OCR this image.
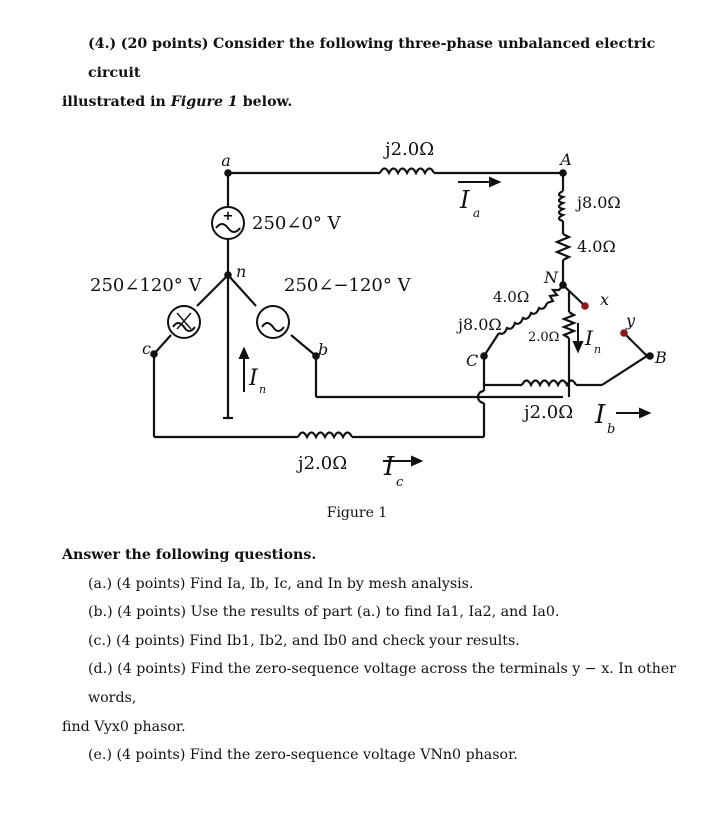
(4.) (20 points) Consider the following three-phase unbalanced electric circuit
illustrated in Figure 1 below.
+
a	A
n
c	b
C
N
B
x
y
250∠0° V
250∠120° V	250∠−120° V
j2.0Ω
j8.0Ω
4.0Ω
4.0Ω
j8.0Ω
2.0Ω
j2.0Ω
j2.0Ω
I a
I n
I n
I b
I
c
Figure 1
Answer the following questions.
(a.) (4 points) Find Ia, Ib, Ic, and In by mesh analysis.
(b.) (4 points) Use the results of part (a.) to find Ia1, Ia2, and Ia0.
(c.) (4 points) Find Ib1, Ib2, and Ib0 and check your results.
(d.) (4 points) Find the zero-sequence voltage across the terminals y − x. In other words,
find Vyx0 phasor.
(e.) (4 points) Find the zero-sequence voltage VNn0 phasor.
